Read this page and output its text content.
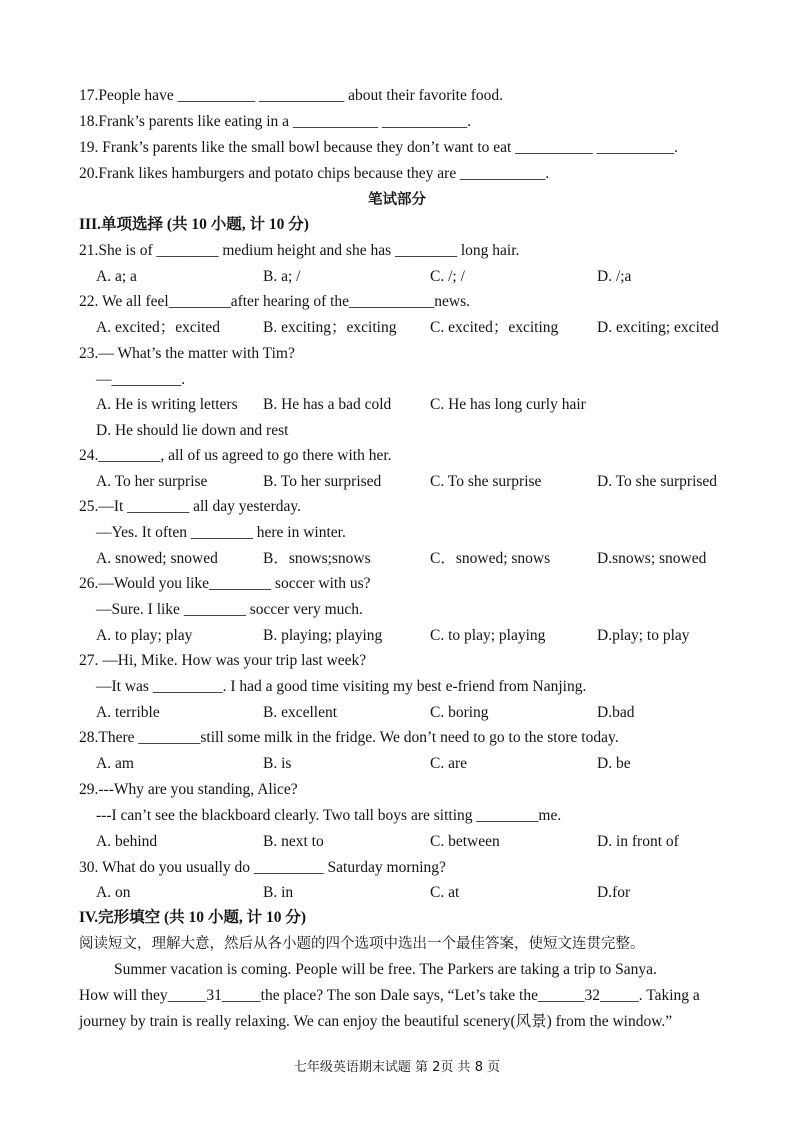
17.People have __________ ___________ about their favorite food.
18.Frank’s parents like eating in a ___________ ___________.
19. Frank’s parents like the small bowl because they don’t want to eat __________ __________.
20.Frank likes hamburgers and potato chips because they are ___________.
笔试部分
III.单项选择 (共 10 小题, 计 10 分)
21.She is of ________ medium height and she has ________ long hair.
A. a; a	B. a; /	C. /; /	D. /;a
22. We all feel________after hearing of the___________news.
A. excited；excited	B. exciting；exciting C. excited；exciting D. exciting; excited
23.— What’s the matter with Tim?
—_________.
A. He is writing letters B. He has a bad cold C. He has long curly hair
D. He should lie down and rest
24.________, all of us agreed to go there with her.
A. To her surprise	B. To her surprised	C. To she surprise	D. To she surprised
25.—It ________ all day yesterday.
—Yes. It often ________ here in winter.
A. snowed; snowed	B．snows;snows	C．snowed; snows	D.snows; snowed
26.—Would you like________ soccer with us?
—Sure. I like ________ soccer very much.
A. to play; play	B. playing; playing	C. to play; playing	D.play; to play
27. —Hi, Mike. How was your trip last week?
—It was _________. I had a good time visiting my best e-friend from Nanjing.
A. terrible	B. excellent	C. boring	D.bad
28.There ________still some milk in the fridge. We don’t need to go to the store today.
A. am	B. is	C. are	D. be
29.---Why are you standing, Alice?
---I can’t see the blackboard clearly. Two tall boys are sitting ________me.
A. behind	B. next to	C. between	D. in front of
30. What do you usually do _________ Saturday morning?
A. on	B. in	C. at	D.for
IV.完形填空 (共 10 小题, 计 10 分)
阅读短文，理解大意，然后从各小题的四个选项中选出一个最佳答案，使短文连贯完整。
Summer vacation is coming. People will be free. The Parkers are taking a trip to Sanya.
How will they_____31_____the place? The son Dale says, “Let’s take the______32_____. Taking a
journey by train is really relaxing. We can enjoy the beautiful scenery(风景) from the window.”
七年级英语期末试题 第 2页 共 8 页
